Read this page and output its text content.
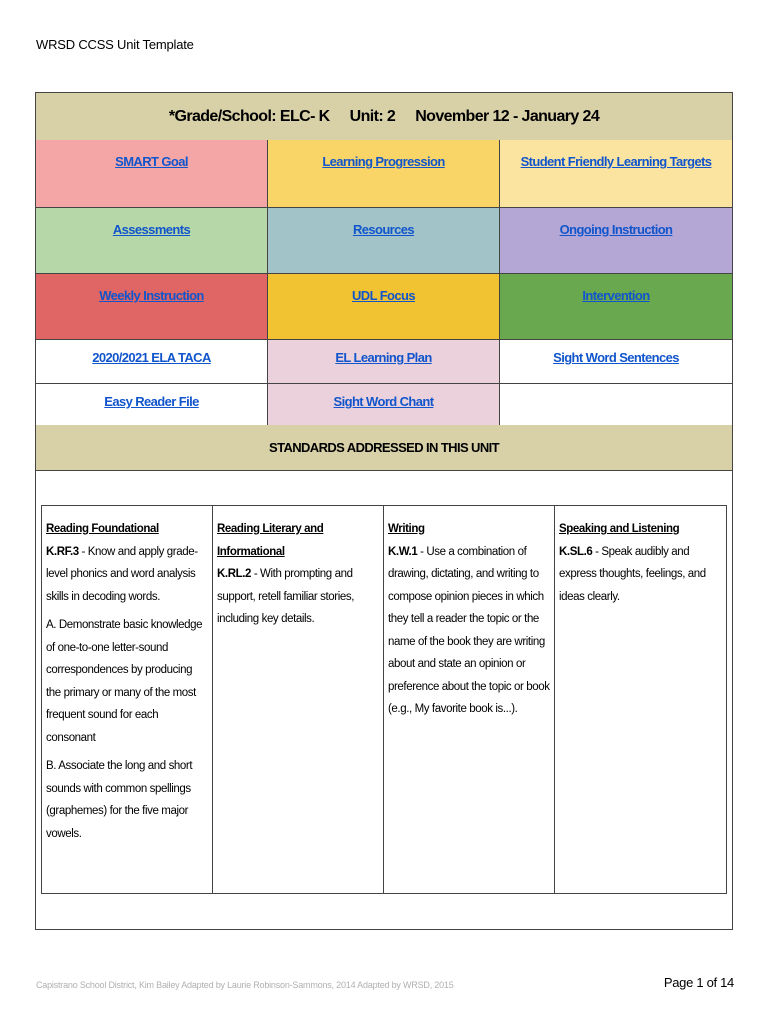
WRSD CCSS Unit Template
*Grade/School: ELC- K Unit: 2 November 12 - January 24
SMART Goal	Learning Progression	Student Friendly Learning Targets
Assessments	Resources	Ongoing Instruction
Weekly Instruction	UDL Focus	Intervention
2020/2021 ELA TACA	EL Learning Plan	Sight Word Sentences
Easy Reader File	Sight Word Chant
STANDARDS ADDRESSED IN THIS UNIT

Reading Foundational

K.RF.3 - Know and apply grade-level phonics and word analysis skills in decoding words.

A. Demonstrate basic knowledge of one-to-one letter-sound correspondences by producing the primary or many of the most frequent sound for each consonant

B. Associate the long and short sounds with common spellings (graphemes) for the five major vowels.

Reading Literary and Informational

K.RL.2 - With prompting and support, retell familiar stories, including key details.

Writing

K.W.1 - Use a combination of drawing, dictating, and writing to compose opinion pieces in which they tell a reader the topic or the name of the book they are writing about and state an opinion or preference about the topic or book (e.g., My favorite book is...).

Speaking and Listening

K.SL.6 - Speak audibly and express thoughts, feelings, and ideas clearly.

Capistrano School District, Kim Bailey Adapted by Laurie Robinson-Sammons, 2014 Adapted by WRSD, 2015	Page 1 of 14
